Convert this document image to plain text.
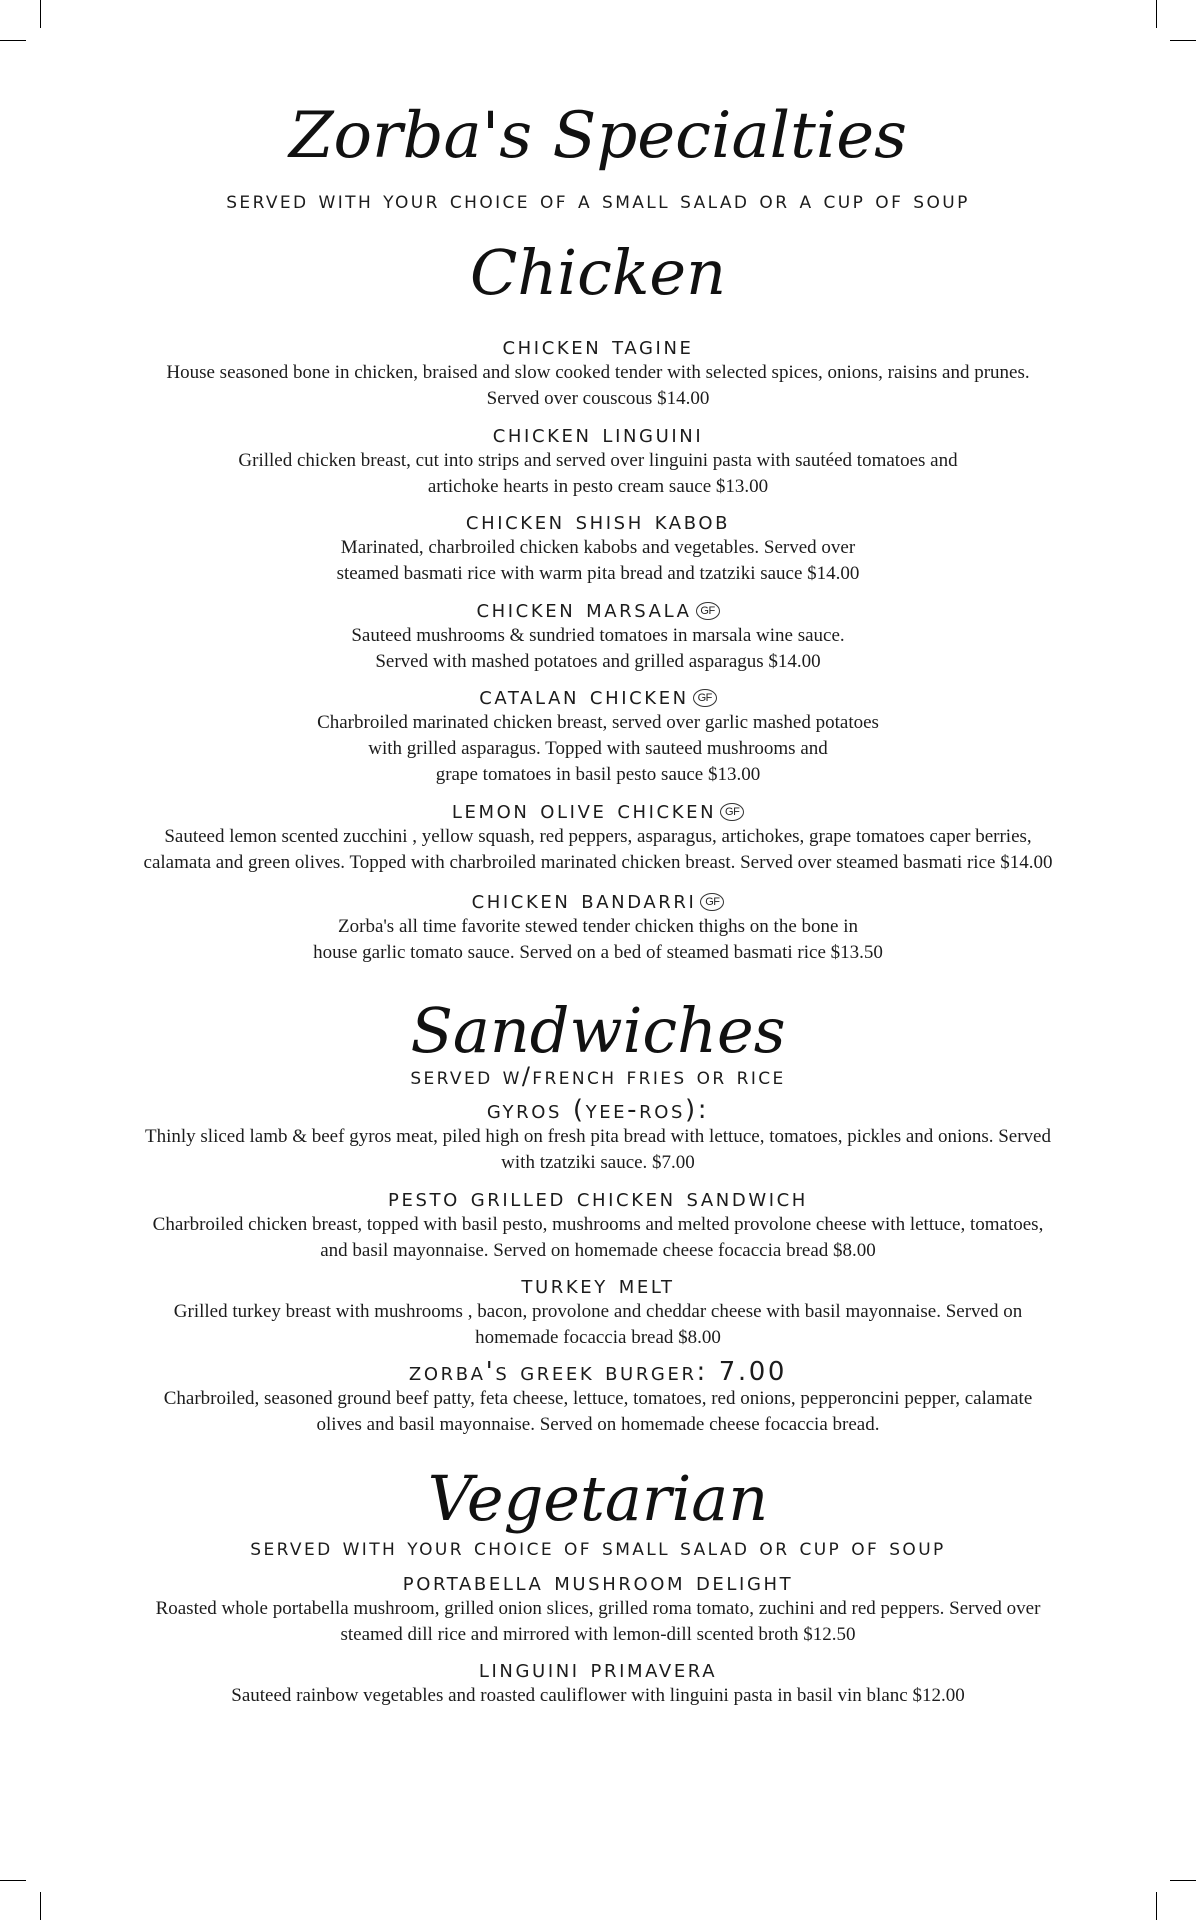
Zorba's Specialties
served with your choice of a small salad or a cup of soup
Chicken
chicken tagine
House seasoned bone in chicken, braised and slow cooked tender with selected spices, onions, raisins and prunes.
Served over couscous $14.00
chicken linguini
Grilled chicken breast, cut into strips and served over linguini pasta with sautéed tomatoes and
artichoke hearts in pesto cream sauce $13.00
chicken shish kabob
Marinated, charbroiled chicken kabobs and vegetables. Served over
steamed basmati rice with warm pita bread and tzatziki sauce $14.00
chicken marsala GF
Sauteed mushrooms & sundried tomatoes in marsala wine sauce.
Served with mashed potatoes and grilled asparagus $14.00
catalan chicken GF
Charbroiled marinated chicken breast, served over garlic mashed potatoes
with grilled asparagus. Topped with sauteed mushrooms and
grape tomatoes in basil pesto sauce $13.00
lemon olive chicken GF
Sauteed lemon scented zucchini , yellow squash, red peppers, asparagus, artichokes, grape tomatoes caper berries,
calamata and green olives. Topped with charbroiled marinated chicken breast. Served over steamed basmati rice $14.00
chicken bandarri GF
Zorba's all time favorite stewed tender chicken thighs on the bone in
house garlic tomato sauce. Served on a bed of steamed basmati rice $13.50
Sandwiches
served w/french fries or rice
gyros (yee-ros):
Thinly sliced lamb & beef gyros meat, piled high on fresh pita bread with lettuce, tomatoes, pickles and onions. Served
with tzatziki sauce. $7.00
pesto grilled chicken sandwich
Charbroiled chicken breast, topped with basil pesto, mushrooms and melted provolone cheese with lettuce, tomatoes,
and basil mayonnaise. Served on homemade cheese focaccia bread $8.00
turkey melt
Grilled turkey breast with mushrooms , bacon, provolone and cheddar cheese with basil mayonnaise. Served on
homemade focaccia bread $8.00
zorba's greek burger: 7.00
Charbroiled, seasoned ground beef patty, feta cheese, lettuce, tomatoes, red onions, pepperoncini pepper, calamate
olives and basil mayonnaise. Served on homemade cheese focaccia bread.
Vegetarian
served with your choice of small salad or cup of soup
portabella mushroom delight
Roasted whole portabella mushroom, grilled onion slices, grilled roma tomato, zuchini and red peppers. Served over
steamed dill rice and mirrored with lemon-dill scented broth $12.50
linguini primavera
Sauteed rainbow vegetables and roasted cauliflower with linguini pasta in basil vin blanc $12.00
